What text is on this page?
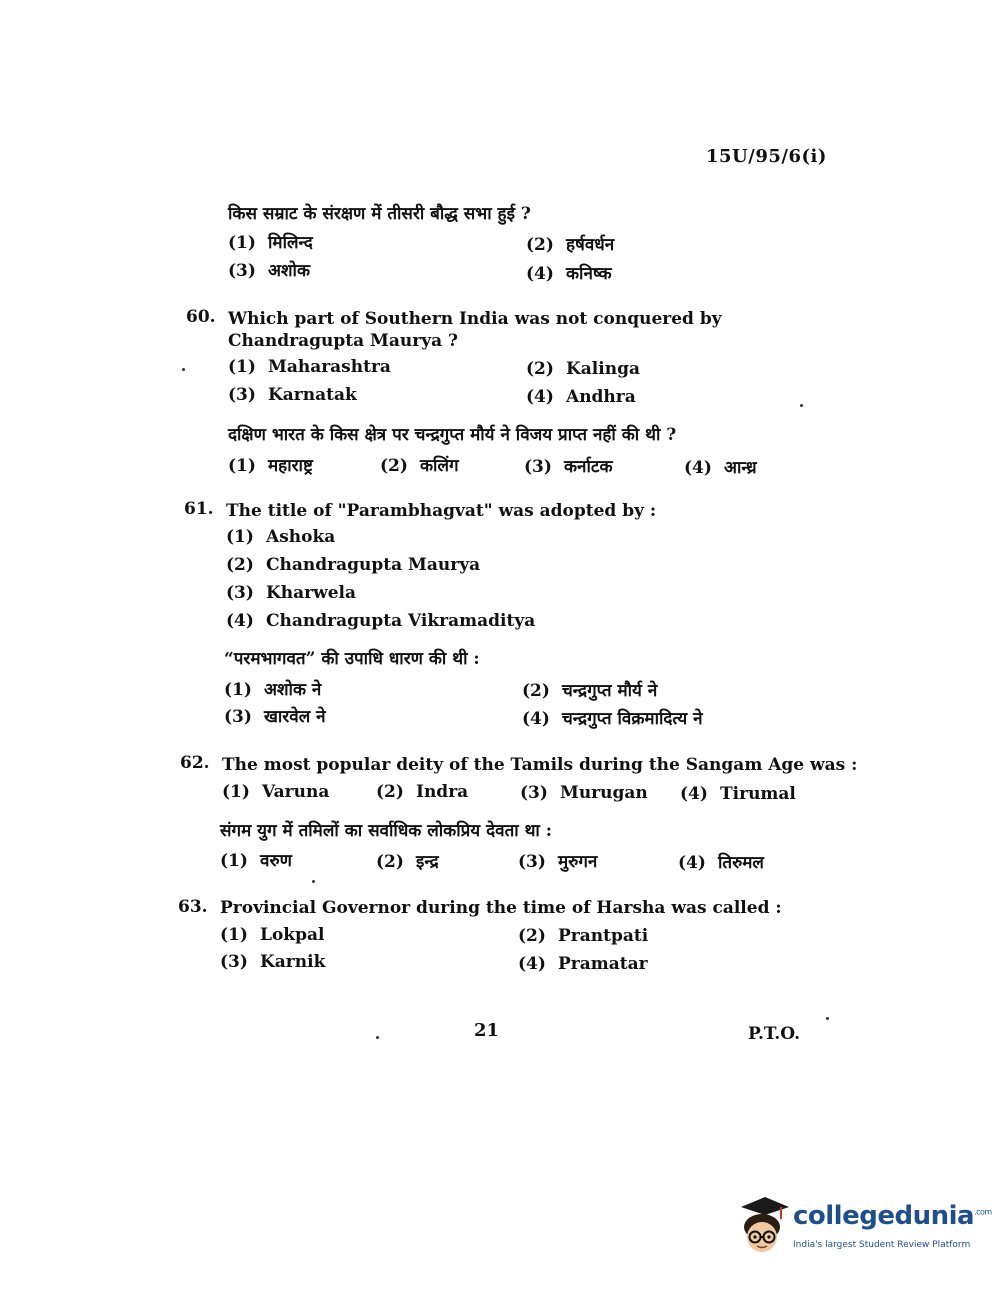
15U/95/6(i)
किस सम्राट के संरक्षण में तीसरी बौद्ध सभा हुई ?
(1) मिलिन्द	(2) हर्षवर्धन
(3) अशोक	(4) कनिष्क
60. Which part of Southern India was not conquered by Chandragupta Maurya ?
(1) Maharashtra	(2) Kalinga
(3) Karnatak	(4) Andhra
दक्षिण भारत के किस क्षेत्र पर चन्द्रगुप्त मौर्य ने विजय प्राप्त नहीं की थी ?
(1) महाराष्ट्र	(2) कलिंग	(3) कर्नाटक	(4) आन्ध्र
61. The title of "Parambhagvat" was adopted by :
(1) Ashoka
(2) Chandragupta Maurya
(3) Kharwela
(4) Chandragupta Vikramaditya
“परमभागवत” की उपाधि धारण की थी :
(1) अशोक ने	(2) चन्द्रगुप्त मौर्य ने
(3) खारवेल ने	(4) चन्द्रगुप्त विक्रमादित्य ने
62. The most popular deity of the Tamils during the Sangam Age was :
(1) Varuna	(2) Indra	(3) Murugan (4) Tirumal
संगम युग में तमिलों का सर्वाधिक लोकप्रिय देवता था :
(1) वरुण	(2) इन्द्र	(3) मुरुगन	(4) तिरुमल
63. Provincial Governor during the time of Harsha was called :
(1) Lokpal	(2) Prantpati
(3) Karnik	(4) Pramatar
21	P.T.O.
collegedunia$^{.com}$
India's largest Student Review Platform
